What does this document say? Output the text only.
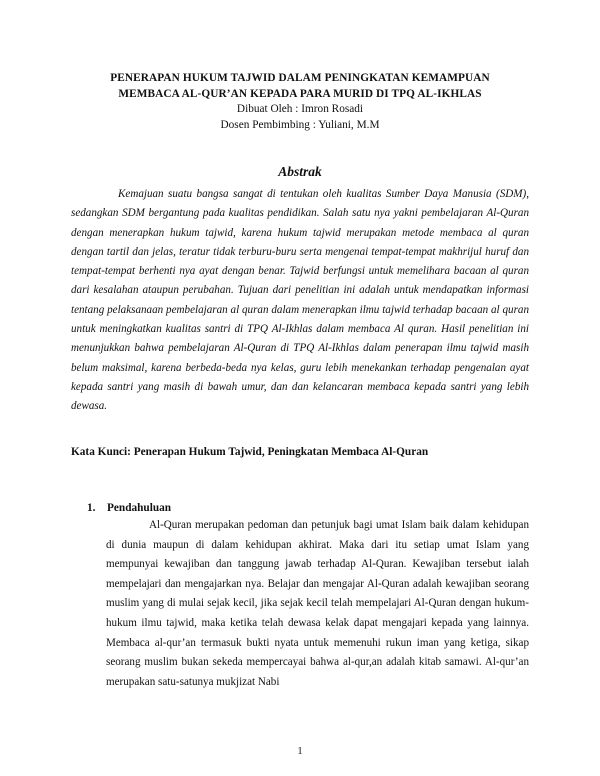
PENERAPAN HUKUM TAJWID DALAM PENINGKATAN KEMAMPUAN
MEMBACA AL-QUR’AN KEPADA PARA MURID DI TPQ AL-IKHLAS
Dibuat Oleh : Imron Rosadi
Dosen Pembimbing : Yuliani, M.M
Abstrak

Kemajuan suatu bangsa sangat di tentukan oleh kualitas Sumber Daya Manusia (SDM), sedangkan SDM bergantung pada kualitas pendidikan. Salah satu nya yakni pembelajaran Al-Quran dengan menerapkan hukum tajwid, karena hukum tajwid merupakan metode membaca al quran dengan tartil dan jelas, teratur tidak terburu-buru serta mengenai tempat-tempat makhrijul huruf dan tempat-tempat berhenti nya ayat dengan benar. Tajwid berfungsi untuk memelihara bacaan al quran dari kesalahan ataupun perubahan. Tujuan dari penelitian ini adalah untuk mendapatkan informasi tentang pelaksanaan pembelajaran al quran dalam menerapkan ilmu tajwid terhadap bacaan al quran untuk meningkatkan kualitas santri di TPQ Al-Ikhlas dalam membaca Al quran. Hasil penelitian ini menunjukkan bahwa pembelajaran Al-Quran di TPQ Al-Ikhlas dalam penerapan ilmu tajwid masih belum maksimal, karena berbeda-beda nya kelas, guru lebih menekankan terhadap pengenalan ayat kepada santri yang masih di bawah umur, dan dan kelancaran membaca kepada santri yang lebih dewasa.

Kata Kunci: Penerapan Hukum Tajwid, Peningkatan Membaca Al-Quran
1. Pendahuluan

Al-Quran merupakan pedoman dan petunjuk bagi umat Islam baik dalam kehidupan di dunia maupun di dalam kehidupan akhirat. Maka dari itu setiap umat Islam yang mempunyai kewajiban dan tanggung jawab terhadap Al-Quran. Kewajiban tersebut ialah mempelajari dan mengajarkan nya. Belajar dan mengajar Al-Quran adalah kewajiban seorang muslim yang di mulai sejak kecil, jika sejak kecil telah mempelajari Al-Quran dengan hukum-hukum ilmu tajwid, maka ketika telah dewasa kelak dapat mengajari kepada yang lainnya. Membaca al-qur’an termasuk bukti nyata untuk memenuhi rukun iman yang ketiga, sikap seorang muslim bukan sekeda mempercayai bahwa al-qur,an adalah kitab samawi. Al-qur’an merupakan satu-satunya mukjizat Nabi

1
